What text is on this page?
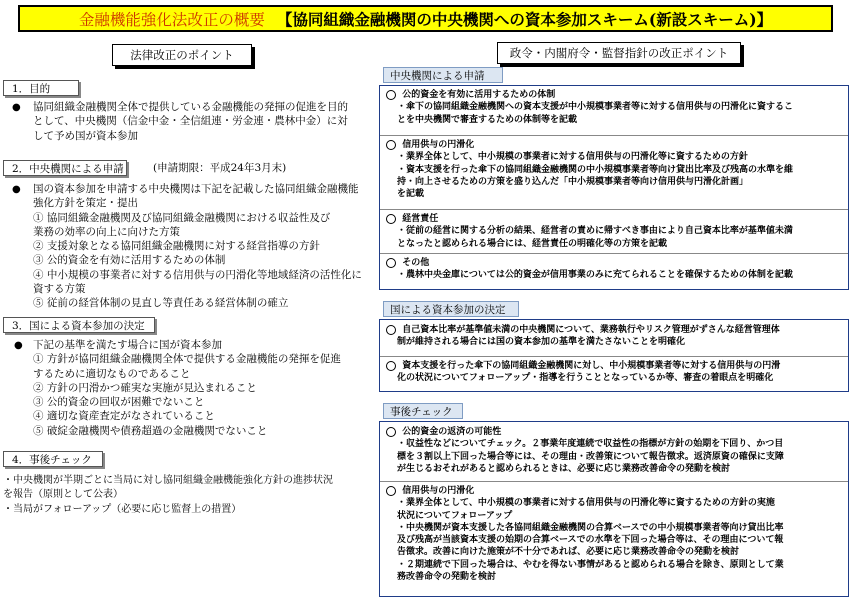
金融機能強化法改正の概要 【協同組織金融機関の中央機関への資本参加スキーム(新設スキーム)】
法律改正のポイント	政令・内閣府令・監督指針の改正ポイント
1．目的
● 協同組織金融機関全体で提供している金融機能の発揮の促進を目的
として、中央機関（信金中金・全信組連・労金連・農林中金）に対
して予め国が資本参加
2．中央機関による申請	(申請期限：平成24年3月末)
● 国の資本参加を申請する中央機関は下記を記載した協同組織金融機能
強化方針を策定・提出
① 協同組織金融機関及び協同組織金融機関における収益性及び
業務の効率の向上に向けた方策
② 支援対象となる協同組織金融機関に対する経営指導の方針
③ 公的資金を有効に活用するための体制
④ 中小規模の事業者に対する信用供与の円滑化等地域経済の活性化に
資する方策
⑤ 従前の経営体制の見直し等責任ある経営体制の確立
3．国による資本参加の決定
● 下記の基準を満たす場合に国が資本参加
① 方針が協同組織金融機関全体で提供する金融機能の発揮を促進
するために適切なものであること
② 方針の円滑かつ確実な実施が見込まれること
③ 公的資金の回収が困難でないこと
④ 適切な資産査定がなされていること
⑤ 破綻金融機関や債務超過の金融機関でないこと
4．事後チェック
・中央機関が半期ごとに当局に対し協同組織金融機能強化方針の進捗状況
を報告（原則として公表）
・当局がフォローアップ（必要に応じ監督上の措置）
中央機関による申請
公的資金を有効に活用するための体制
・傘下の協同組織金融機関への資本支援が中小規模事業者等に対する信用供与の円滑化に資するこ
とを中央機関で審査するための体制等を記載
信用供与の円滑化
・業界全体として、中小規模の事業者に対する信用供与の円滑化等に資するための方針
・資本支援を行った傘下の協同組織金融機関の中小規模事業者等向け貸出比率及び残高の水準を維
持・向上させるための方策を盛り込んだ「中小規模事業者等向け信用供与円滑化計画」
を記載
経営責任
・従前の経営に関する分析の結果、経営者の責めに帰すべき事由により自己資本比率が基準値未満
となったと認められる場合には、経営責任の明確化等の方策を記載
その他
・農林中央金庫については公的資金が信用事業のみに充てられることを確保するための体制を記載
国による資本参加の決定
自己資本比率が基準値未満の中央機関について、業務執行やリスク管理がずさんな経営管理体
制が維持される場合には国の資本参加の基準を満たさないことを明確化
資本支援を行った傘下の協同組織金融機関に対し、中小規模事業者等に対する信用供与の円滑
化の状況についてフォローアップ・指導を行うこととなっているか等、審査の着眼点を明確化
事後チェック
公的資金の返済の可能性
・収益性などについてチェック。２事業年度連続で収益性の指標が方針の始期を下回り、かつ目
標を３割以上下回った場合等には、その理由・改善策について報告徴求。返済原資の確保に支障
が生じるおそれがあると認められるときは、必要に応じ業務改善命令の発動を検討
信用供与の円滑化
・業界全体として、中小規模の事業者に対する信用供与の円滑化等に資するための方針の実施
状況についてフォローアップ
・中央機関が資本支援した各協同組織金融機関の合算ベースでの中小規模事業者等向け貸出比率
及び残高が当該資本支援の始期の合算ベースでの水準を下回った場合等は、その理由について報
告徴求。改善に向けた施策が不十分であれば、必要に応じ業務改善命令の発動を検討
・２期連続で下回った場合は、やむを得ない事情があると認められる場合を除き、原則として業
務改善命令の発動を検討
